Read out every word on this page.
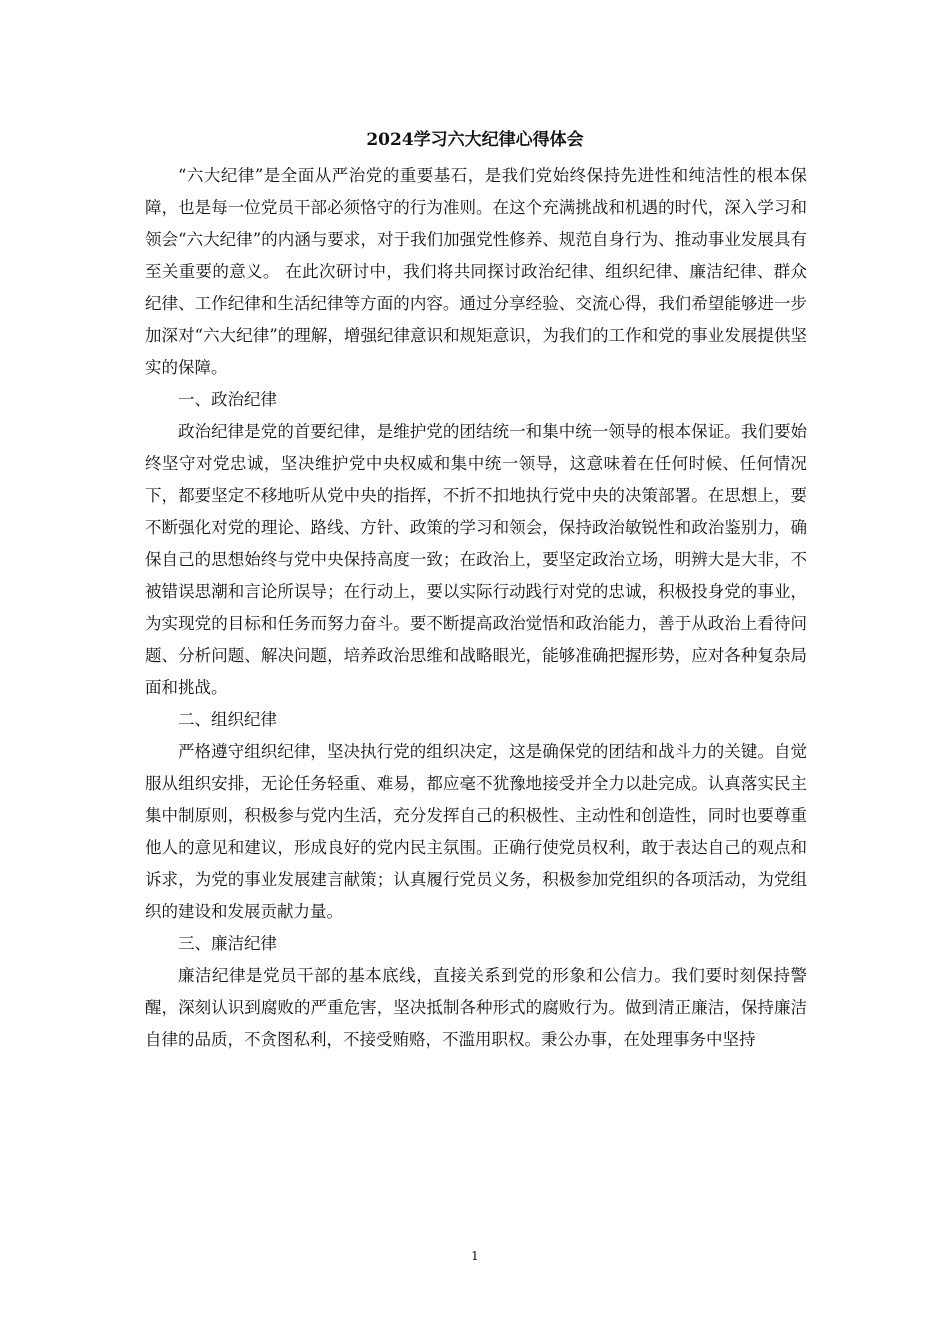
2024学习六大纪律心得体会

“六大纪律”是全面从严治党的重要基石，是我们党始终保持先进性和纯洁性的根本保障，也是每一位党员干部必须恪守的行为准则。在这个充满挑战和机遇的时代，深入学习和领会“六大纪律”的内涵与要求，对于我们加强党性修养、规范自身行为、推动事业发展具有至关重要的意义。 在此次研讨中，我们将共同探讨政治纪律、组织纪律、廉洁纪律、群众纪律、工作纪律和生活纪律等方面的内容。通过分享经验、交流心得，我们希望能够进一步加深对“六大纪律”的理解，增强纪律意识和规矩意识，为我们的工作和党的事业发展提供坚实的保障。

一、政治纪律

政治纪律是党的首要纪律，是维护党的团结统一和集中统一领导的根本保证。我们要始终坚守对党忠诚，坚决维护党中央权威和集中统一领导，这意味着在任何时候、任何情况下，都要坚定不移地听从党中央的指挥，不折不扣地执行党中央的决策部署。在思想上，要不断强化对党的理论、路线、方针、政策的学习和领会，保持政治敏锐性和政治鉴别力，确保自己的思想始终与党中央保持高度一致；在政治上，要坚定政治立场，明辨大是大非，不被错误思潮和言论所误导；在行动上，要以实际行动践行对党的忠诚，积极投身党的事业，为实现党的目标和任务而努力奋斗。要不断提高政治觉悟和政治能力，善于从政治上看待问题、分析问题、解决问题，培养政治思维和战略眼光，能够准确把握形势，应对各种复杂局面和挑战。

二、组织纪律

严格遵守组织纪律，坚决执行党的组织决定，这是确保党的团结和战斗力的关键。自觉服从组织安排，无论任务轻重、难易，都应毫不犹豫地接受并全力以赴完成。认真落实民主集中制原则，积极参与党内生活，充分发挥自己的积极性、主动性和创造性，同时也要尊重他人的意见和建议，形成良好的党内民主氛围。正确行使党员权利，敢于表达自己的观点和诉求，为党的事业发展建言献策；认真履行党员义务，积极参加党组织的各项活动，为党组织的建设和发展贡献力量。

三、廉洁纪律

廉洁纪律是党员干部的基本底线，直接关系到党的形象和公信力。我们要时刻保持警醒，深刻认识到腐败的严重危害，坚决抵制各种形式的腐败行为。做到清正廉洁，保持廉洁自律的品质，不贪图私利，不接受贿赂，不滥用职权。秉公办事，在处理事务中坚持

1
